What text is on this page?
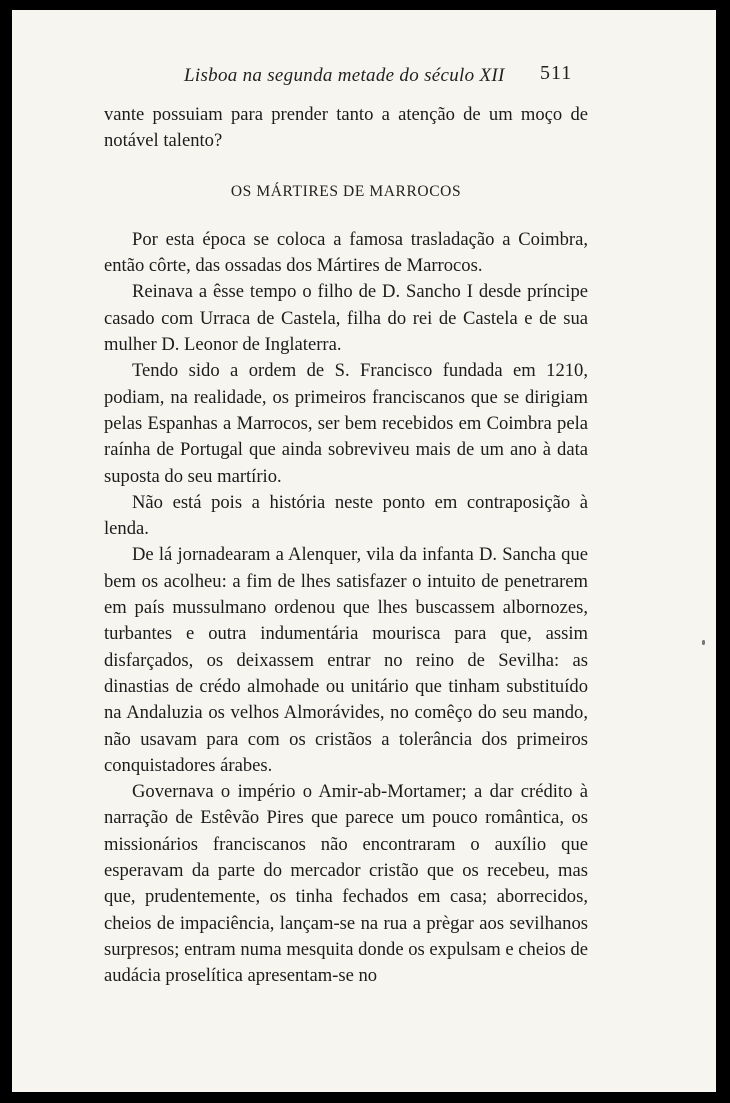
Lisboa na segunda metade do século XII 511

vante possuiam para prender tanto a atenção de um moço de notável talento?

OS MÁRTIRES DE MARROCOS

Por esta época se coloca a famosa trasladação a Coimbra, então côrte, das ossadas dos Mártires de Marrocos.

Reinava a êsse tempo o filho de D. Sancho I desde príncipe casado com Urraca de Castela, filha do rei de Castela e de sua mulher D. Leonor de Inglaterra.

Tendo sido a ordem de S. Francisco fundada em 1210, podiam, na realidade, os primeiros franciscanos que se dirigiam pelas Espanhas a Marrocos, ser bem recebidos em Coimbra pela raínha de Portugal que ainda sobreviveu mais de um ano à data suposta do seu martírio.

Não está pois a história neste ponto em contraposição à lenda.

De lá jornadearam a Alenquer, vila da infanta D. Sancha que bem os acolheu: a fim de lhes satisfazer o intuito de penetrarem em país mussulmano ordenou que lhes buscassem albornozes, turbantes e outra indumentária mourisca para que, assim disfarçados, os deixassem entrar no reino de Sevilha: as dinastias de crédo almohade ou unitário que tinham substituído na Andaluzia os velhos Almorávides, no comêço do seu mando, não usavam para com os cristãos a tolerância dos primeiros conquistadores árabes.

Governava o império o Amir-ab-Mortamer; a dar crédito à narração de Estêvão Pires que parece um pouco romântica, os missionários franciscanos não encontraram o auxílio que esperavam da parte do mercador cristão que os recebeu, mas que, prudentemente, os tinha fechados em casa; aborrecidos, cheios de impaciência, lançam-se na rua a prègar aos sevilhanos surpresos; entram numa mesquita donde os expulsam e cheios de audácia proselítica apresentam-se no
